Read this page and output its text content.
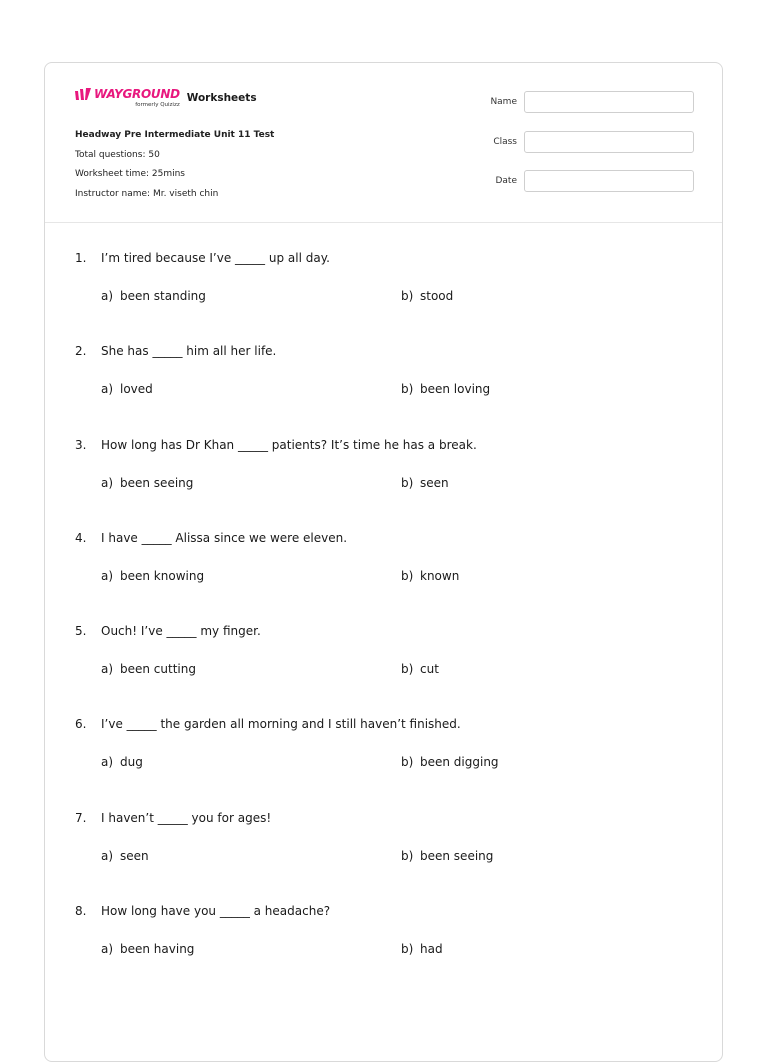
WAYGROUND
formerly Quizizz
Worksheets
Headway Pre Intermediate Unit 11 Test
Total questions: 50
Worksheet time: 25mins
Instructor name: Mr. viseth chin
Name
Class
Date
1.	I’m tired because I’ve _____ up all day.
a) been standing	b) stood
2.	She has _____ him all her life.
a) loved	b) been loving
3.	How long has Dr Khan _____ patients? It’s time he has a break.
a) been seeing	b) seen
4.	I have _____ Alissa since we were eleven.
a) been knowing	b) known
5.	Ouch! I’ve _____ my finger.
a) been cutting	b) cut
6.	I’ve _____ the garden all morning and I still haven’t finished.
a) dug	b) been digging
7.	I haven’t _____ you for ages!
a) seen	b) been seeing
8.	How long have you _____ a headache?
a) been having	b) had
